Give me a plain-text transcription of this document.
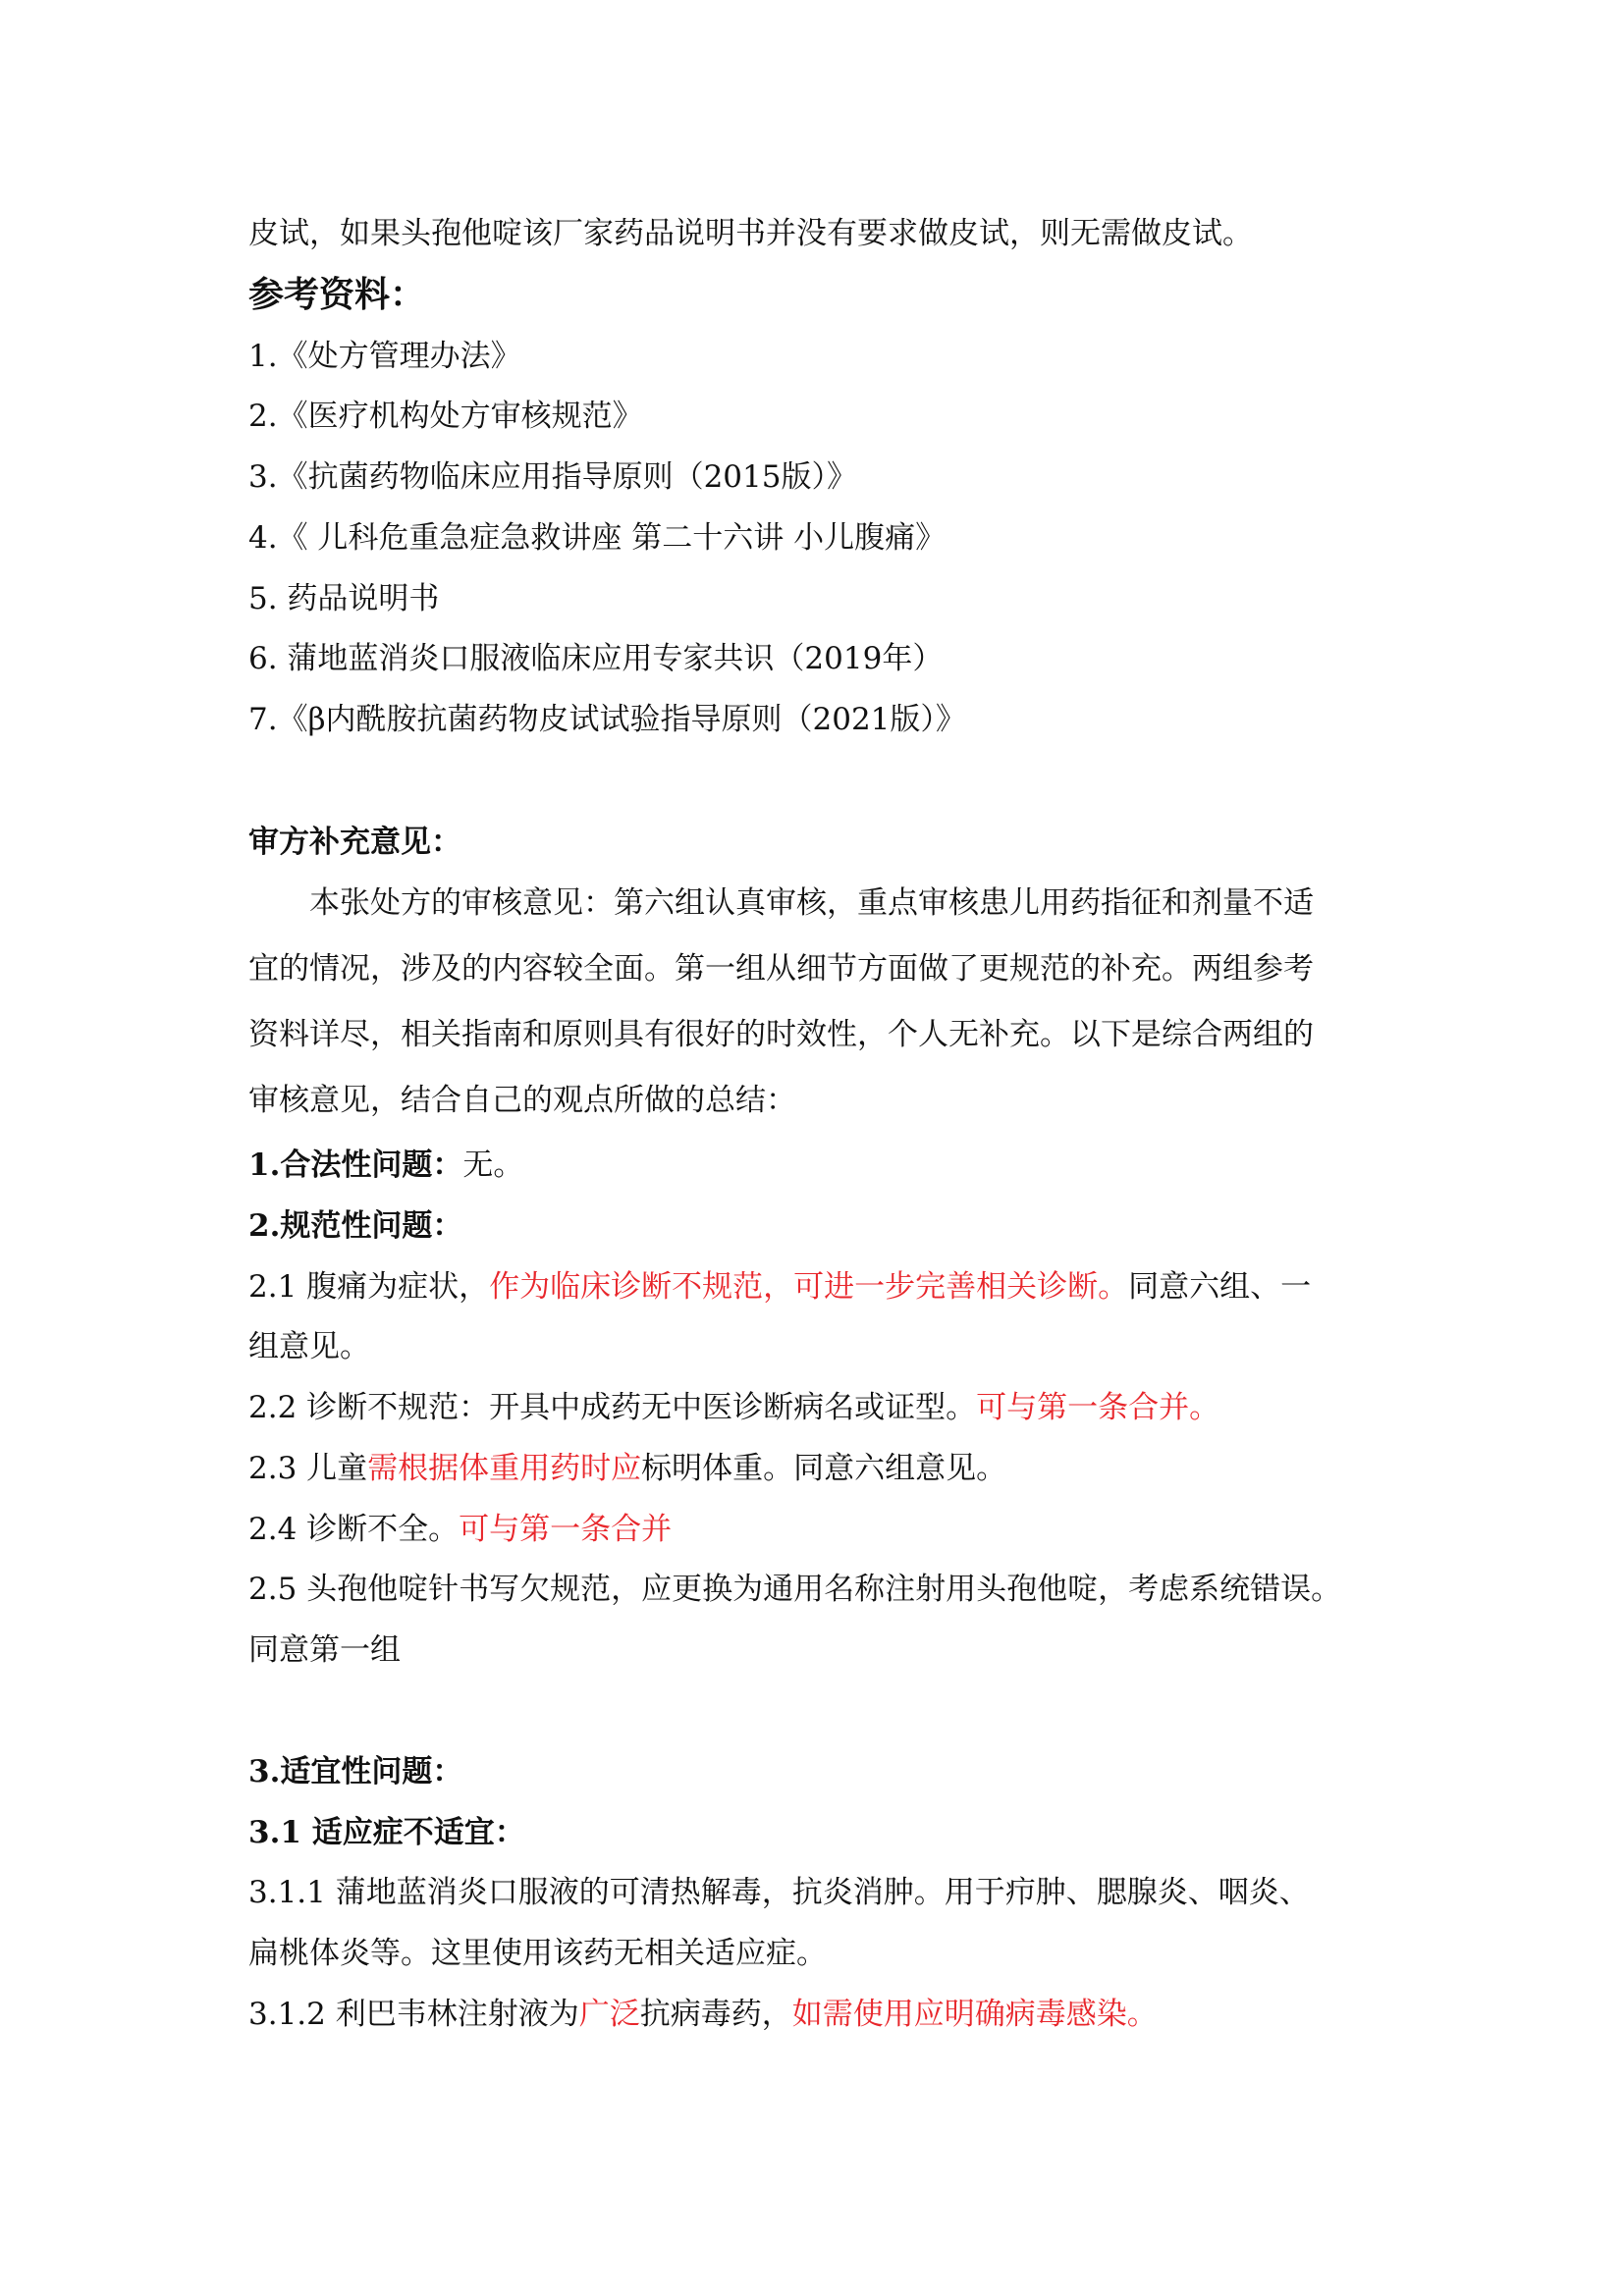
皮试，如果头孢他啶该厂家药品说明书并没有要求做皮试，则无需做皮试。

参考资料：

1.《处方管理办法》

2.《医疗机构处方审核规范》

3.《抗菌药物临床应用指导原则（2015版）》

4.《 儿科危重急症急救讲座 第二十六讲 小儿腹痛》

5. 药品说明书

6. 蒲地蓝消炎口服液临床应用专家共识（2019年）

7.《β内酰胺抗菌药物皮试试验指导原则（2021版）》

审方补充意见：

本张处方的审核意见：第六组认真审核，重点审核患儿用药指征和剂量不适

宜的情况，涉及的内容较全面。第一组从细节方面做了更规范的补充。两组参考

资料详尽，相关指南和原则具有很好的时效性，个人无补充。以下是综合两组的

审核意见，结合自己的观点所做的总结：

1.合法性问题：无。

2.规范性问题：

2.1 腹痛为症状，作为临床诊断不规范，可进一步完善相关诊断。同意六组、一

组意见。

2.2 诊断不规范：开具中成药无中医诊断病名或证型。可与第一条合并。

2.3 儿童需根据体重用药时应标明体重。同意六组意见。

2.4 诊断不全。可与第一条合并

2.5 头孢他啶针书写欠规范，应更换为通用名称注射用头孢他啶，考虑系统错误。

同意第一组

3.适宜性问题：

3.1 适应症不适宜：

3.1.1 蒲地蓝消炎口服液的可清热解毒，抗炎消肿。用于疖肿、腮腺炎、咽炎、

扁桃体炎等。这里使用该药无相关适应症。

3.1.2 利巴韦林注射液为广泛抗病毒药，如需使用应明确病毒感染。
